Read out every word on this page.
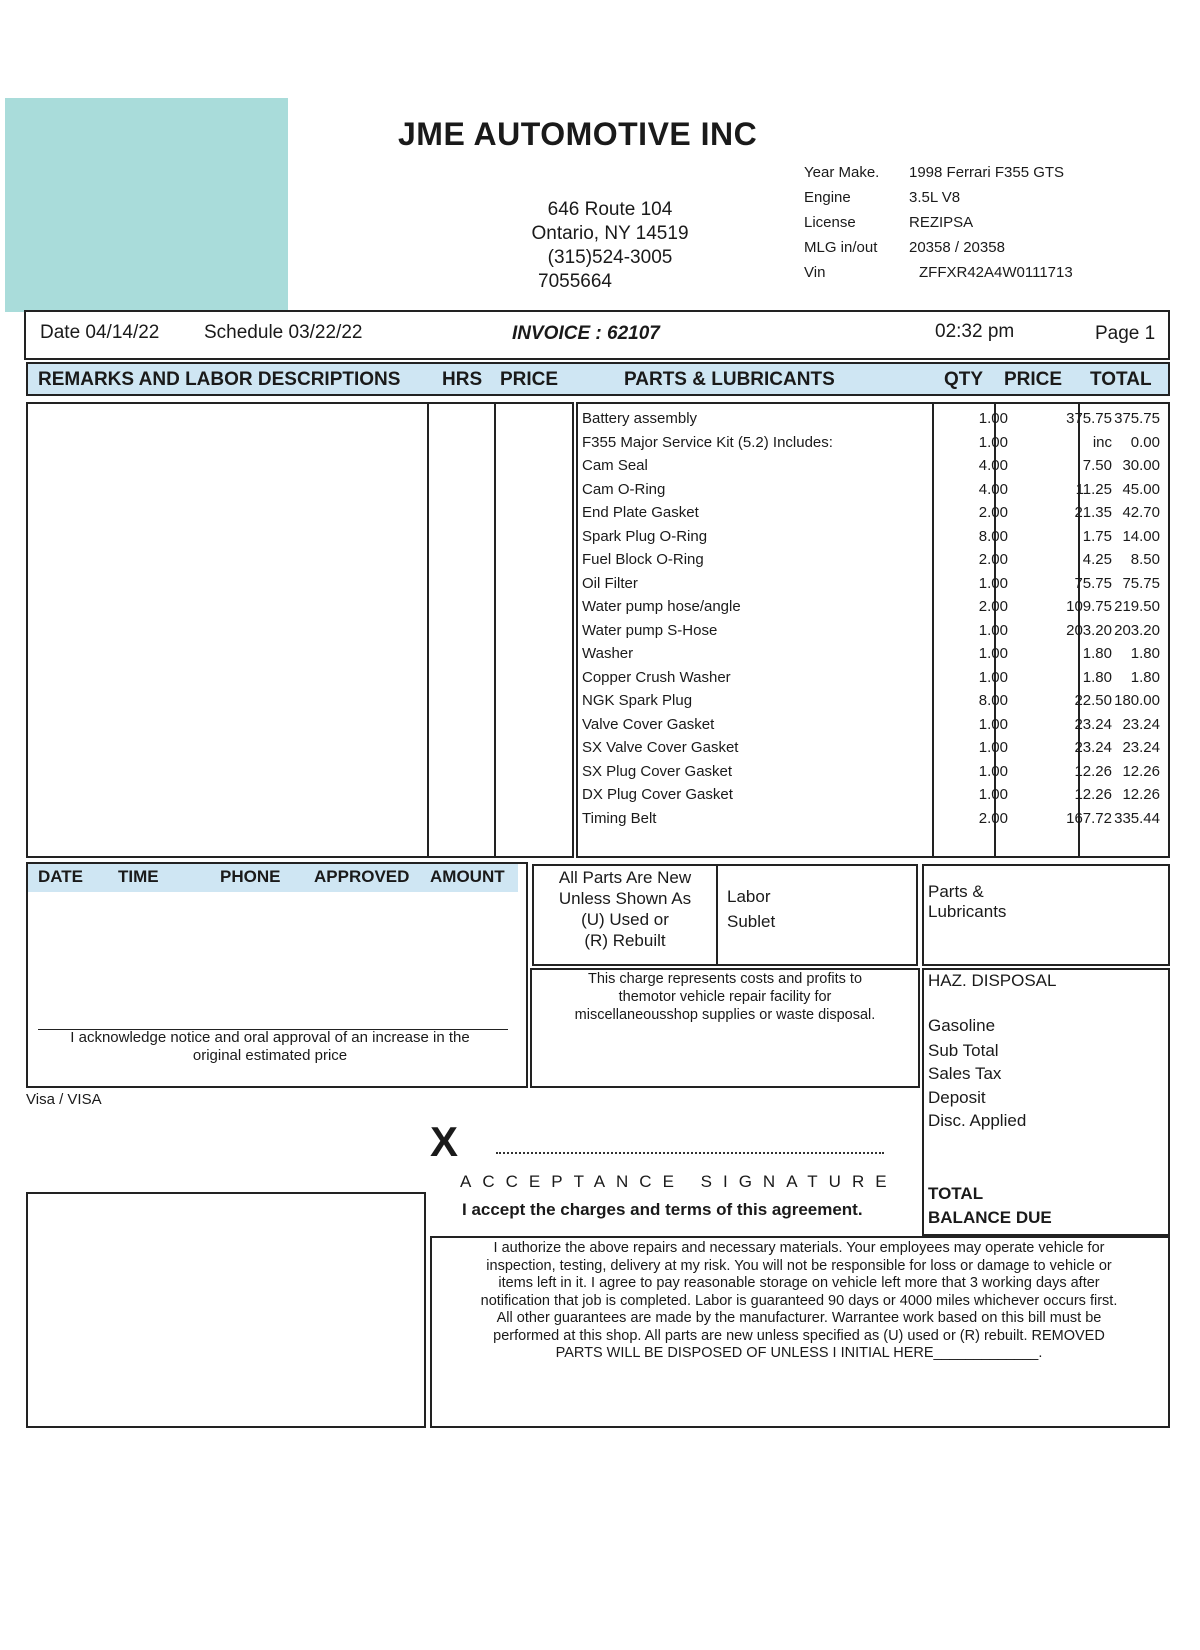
JME AUTOMOTIVE INC
646 Route 104
Ontario, NY 14519
(315)524-3005
7055664
Year Make.	1998 Ferrari F355 GTS
Engine	3.5L V8
License	REZIPSA
MLG in/out	20358 / 20358
Vin	ZFFXR42A4W0111713
Date 04/14/22 Schedule 03/22/22	INVOICE : 62107	02:32 pm	Page 1
REMARKS AND LABOR DESCRIPTIONS HRS PRICE	PARTS & LUBRICANTS	QTY PRICE TOTAL
Battery assembly	1.00	375.75 375.75
F355 Major Service Kit (5.2) Includes:	1.00	inc 0.00
Cam Seal	4.00	7.50 30.00
Cam O-Ring	4.00	11.25 45.00
End Plate Gasket	2.00	21.35 42.70
Spark Plug O-Ring	8.00	1.75 14.00
Fuel Block O-Ring	2.00	4.25 8.50
Oil Filter	1.00	75.75 75.75
Water pump hose/angle	2.00	109.75 219.50
Water pump S-Hose	1.00	203.20 203.20
Washer	1.00	1.80 1.80
Copper Crush Washer	1.00	1.80 1.80
NGK Spark Plug	8.00	22.50 180.00
Valve Cover Gasket	1.00	23.24 23.24
SX Valve Cover Gasket	1.00	23.24 23.24
SX Plug Cover Gasket	1.00	12.26 12.26
DX Plug Cover Gasket	1.00	12.26 12.26
Timing Belt	2.00	167.72 335.44
DATE TIME	PHONE APPROVED AMOUNT
I acknowledge notice and oral approval of an increase in the
original estimated price
All Parts Are New
Unless Shown As
(U) Used or
(R) Rebuilt
Labor
Sublet
This charge represents costs and profits to
themotor vehicle repair facility for
miscellaneousshop supplies or waste disposal.
Parts &
Lubricants
HAZ. DISPOSAL
Gasoline
Sub Total
Sales Tax
Deposit
Disc. Applied
TOTAL
BALANCE DUE
Visa / VISA
X
ACCEPTANCE SIGNATURE
I accept the charges and terms of this agreement.
I authorize the above repairs and necessary materials. Your employees may operate vehicle for
inspection, testing, delivery at my risk. You will not be responsible for loss or damage to vehicle or
items left in it. I agree to pay reasonable storage on vehicle left more that 3 working days after
notification that job is completed. Labor is guaranteed 90 days or 4000 miles whichever occurs first.
All other guarantees are made by the manufacturer. Warrantee work based on this bill must be
performed at this shop. All parts are new unless specified as (U) used or (R) rebuilt. REMOVED
PARTS WILL BE DISPOSED OF UNLESS I INITIAL HERE_____________.
